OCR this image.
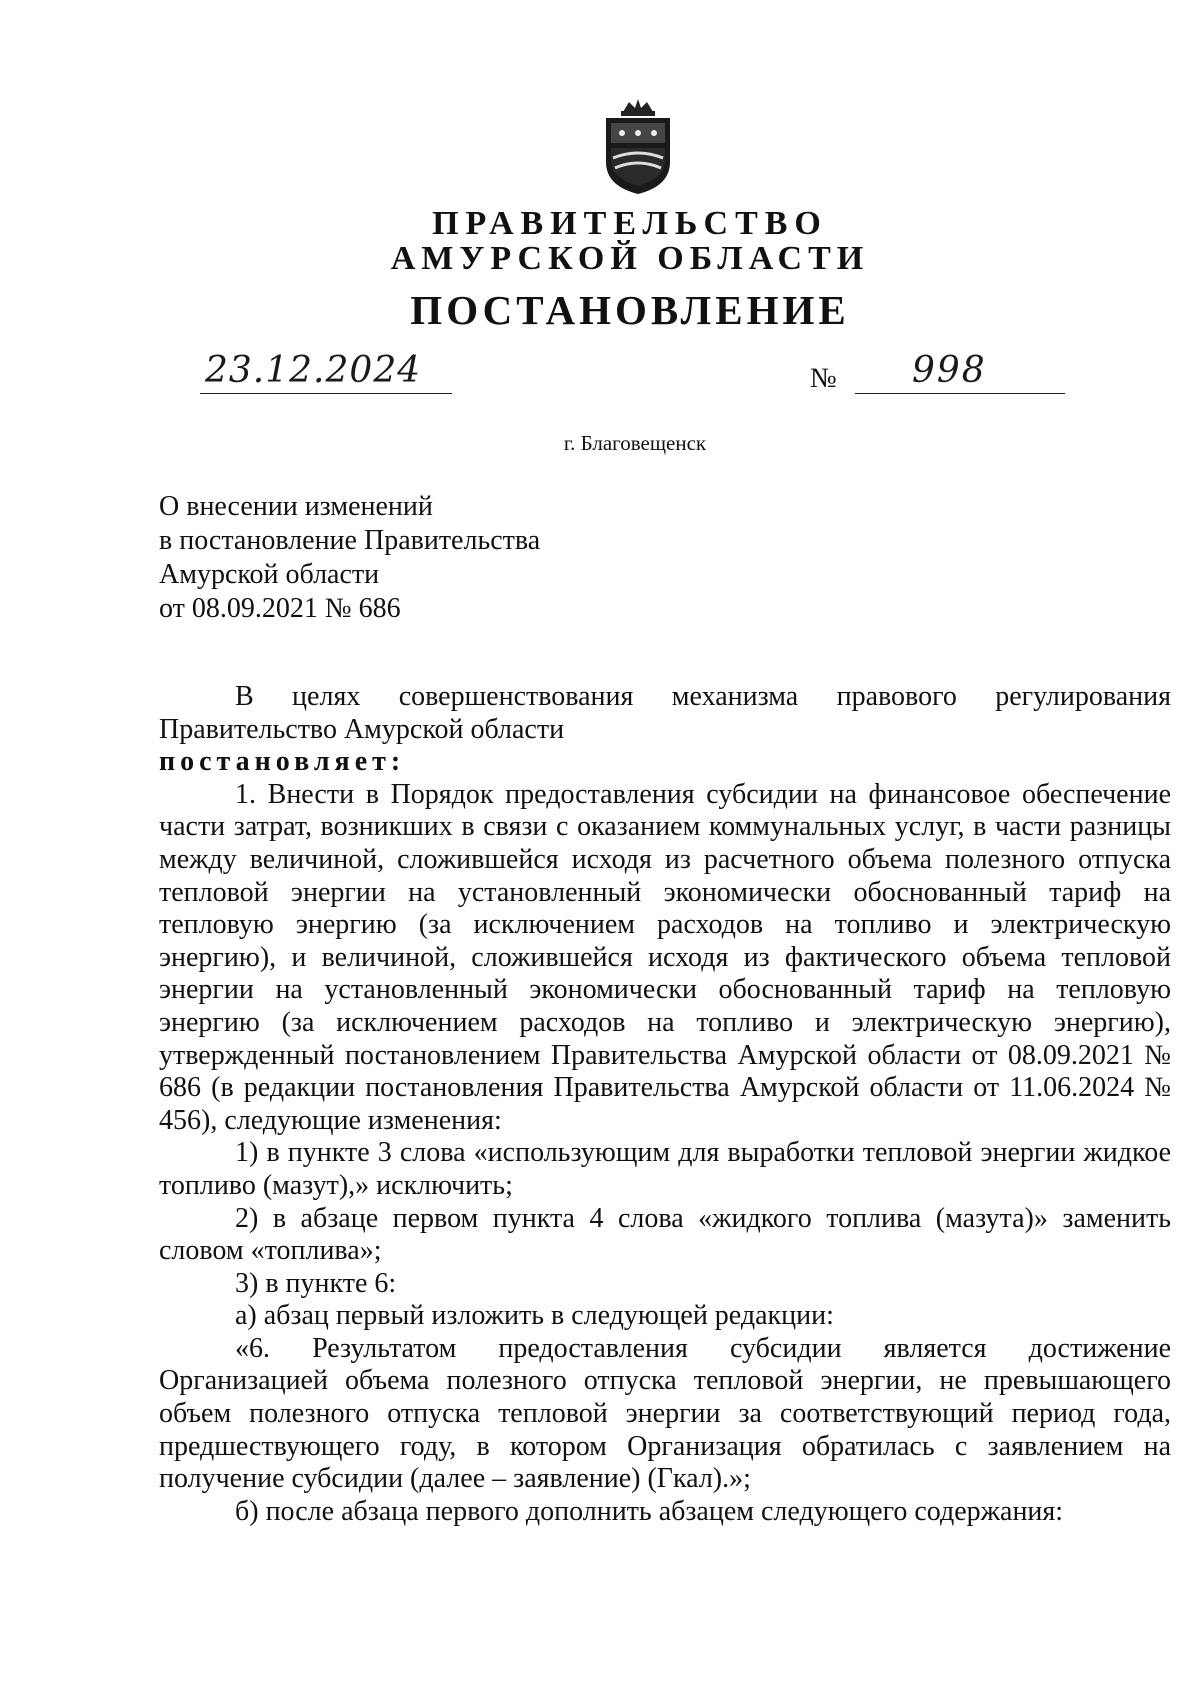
ПРАВИТЕЛЬСТВО
АМУРСКОЙ ОБЛАСТИ
ПОСТАНОВЛЕНИЕ
23.12.2024	№ 998
г. Благовещенск
О внесении изменений
в постановление Правительства
Амурской области
от 08.09.2021 № 686

В целях совершенствования механизма правового регулирования Правительство Амурской области

постановляет:

1. Внести в Порядок предоставления субсидии на финансовое обеспечение части затрат, возникших в связи с оказанием коммунальных услуг, в части разницы между величиной, сложившейся исходя из расчетного объема полезного отпуска тепловой энергии на установленный экономически обоснованный тариф на тепловую энергию (за исключением расходов на топливо и электрическую энергию), и величиной, сложившейся исходя из фактического объема тепловой энергии на установленный экономически обоснованный тариф на тепловую энергию (за исключением расходов на топливо и электрическую энергию), утвержденный постановлением Правительства Амурской области от 08.09.2021 № 686 (в редакции постановления Правительства Амурской области от 11.06.2024 № 456), следующие изменения:

1) в пункте 3 слова «использующим для выработки тепловой энергии жидкое топливо (мазут),» исключить;

2) в абзаце первом пункта 4 слова «жидкого топлива (мазута)» заменить словом «топлива»;

3) в пункте 6:

а) абзац первый изложить в следующей редакции:

«6. Результатом предоставления субсидии является достижение Организацией объема полезного отпуска тепловой энергии, не превышающего объем полезного отпуска тепловой энергии за соответствующий период года, предшествующего году, в котором Организация обратилась с заявлением на получение субсидии (далее – заявление) (Гкал).»;

б) после абзаца первого дополнить абзацем следующего содержания:
